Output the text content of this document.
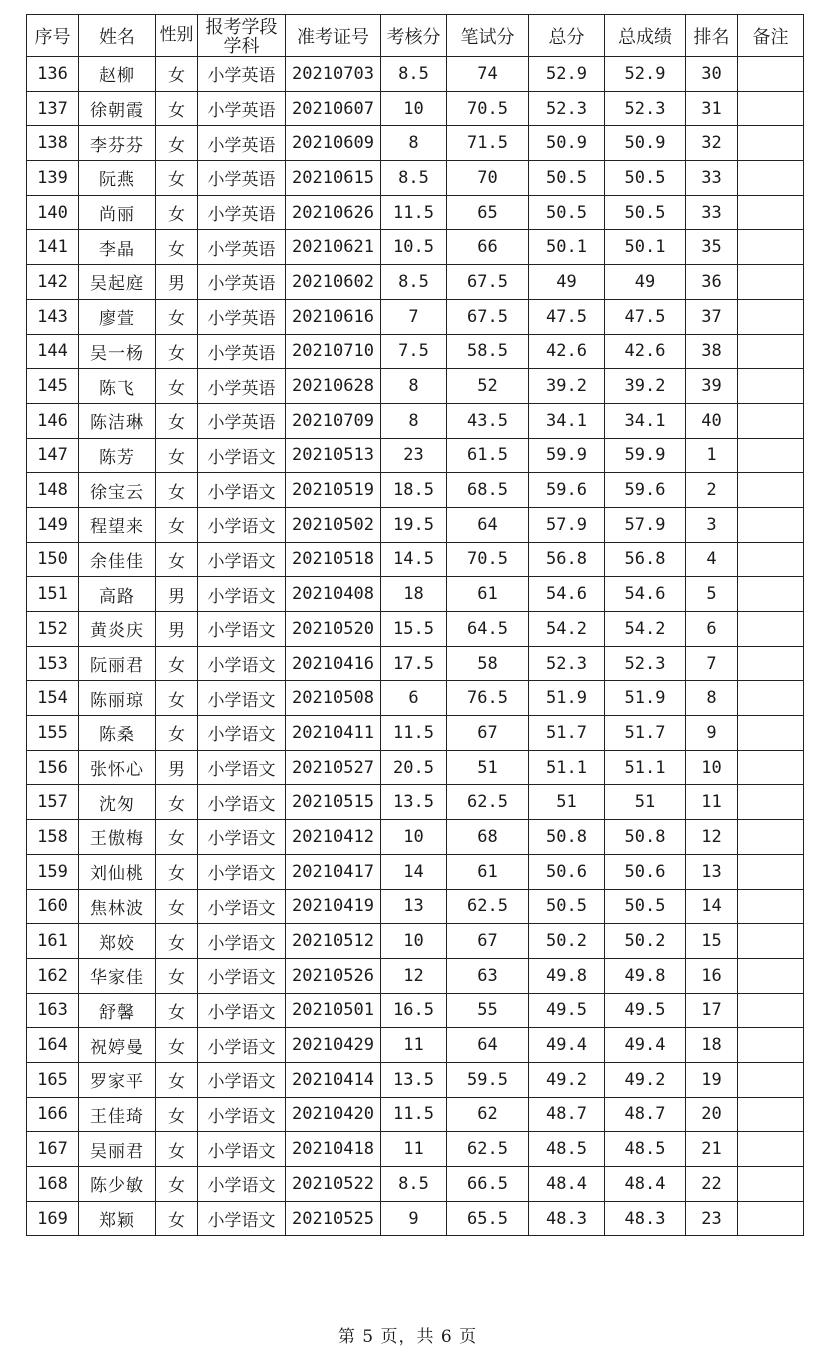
序号	姓名	性别	报考学段学科	准考证号	考核分	笔试分	总分	总成绩	排名	备注
136	赵柳	女	小学英语	20210703	8.5	74	52.9	52.9	30	
137	徐朝霞	女	小学英语	20210607	10	70.5	52.3	52.3	31	
138	李芬芬	女	小学英语	20210609	8	71.5	50.9	50.9	32	
139	阮燕	女	小学英语	20210615	8.5	70	50.5	50.5	33	
140	尚丽	女	小学英语	20210626	11.5	65	50.5	50.5	33	
141	李晶	女	小学英语	20210621	10.5	66	50.1	50.1	35	
142	吴起庭	男	小学英语	20210602	8.5	67.5	49	49	36	
143	廖萱	女	小学英语	20210616	7	67.5	47.5	47.5	37	
144	吴一杨	女	小学英语	20210710	7.5	58.5	42.6	42.6	38	
145	陈飞	女	小学英语	20210628	8	52	39.2	39.2	39	
146	陈洁琳	女	小学英语	20210709	8	43.5	34.1	34.1	40	
147	陈芳	女	小学语文	20210513	23	61.5	59.9	59.9	1	
148	徐宝云	女	小学语文	20210519	18.5	68.5	59.6	59.6	2	
149	程望来	女	小学语文	20210502	19.5	64	57.9	57.9	3	
150	余佳佳	女	小学语文	20210518	14.5	70.5	56.8	56.8	4	
151	高路	男	小学语文	20210408	18	61	54.6	54.6	5	
152	黄炎庆	男	小学语文	20210520	15.5	64.5	54.2	54.2	6	
153	阮丽君	女	小学语文	20210416	17.5	58	52.3	52.3	7	
154	陈丽琼	女	小学语文	20210508	6	76.5	51.9	51.9	8	
155	陈桑	女	小学语文	20210411	11.5	67	51.7	51.7	9	
156	张怀心	男	小学语文	20210527	20.5	51	51.1	51.1	10	
157	沈匆	女	小学语文	20210515	13.5	62.5	51	51	11	
158	王傲梅	女	小学语文	20210412	10	68	50.8	50.8	12	
159	刘仙桃	女	小学语文	20210417	14	61	50.6	50.6	13	
160	焦林波	女	小学语文	20210419	13	62.5	50.5	50.5	14	
161	郑姣	女	小学语文	20210512	10	67	50.2	50.2	15	
162	华家佳	女	小学语文	20210526	12	63	49.8	49.8	16	
163	舒馨	女	小学语文	20210501	16.5	55	49.5	49.5	17	
164	祝婷曼	女	小学语文	20210429	11	64	49.4	49.4	18	
165	罗家平	女	小学语文	20210414	13.5	59.5	49.2	49.2	19	
166	王佳琦	女	小学语文	20210420	11.5	62	48.7	48.7	20	
167	吴丽君	女	小学语文	20210418	11	62.5	48.5	48.5	21	
168	陈少敏	女	小学语文	20210522	8.5	66.5	48.4	48.4	22	
169	郑颖	女	小学语文	20210525	9	65.5	48.3	48.3	23	
第 5 页，共 6 页
